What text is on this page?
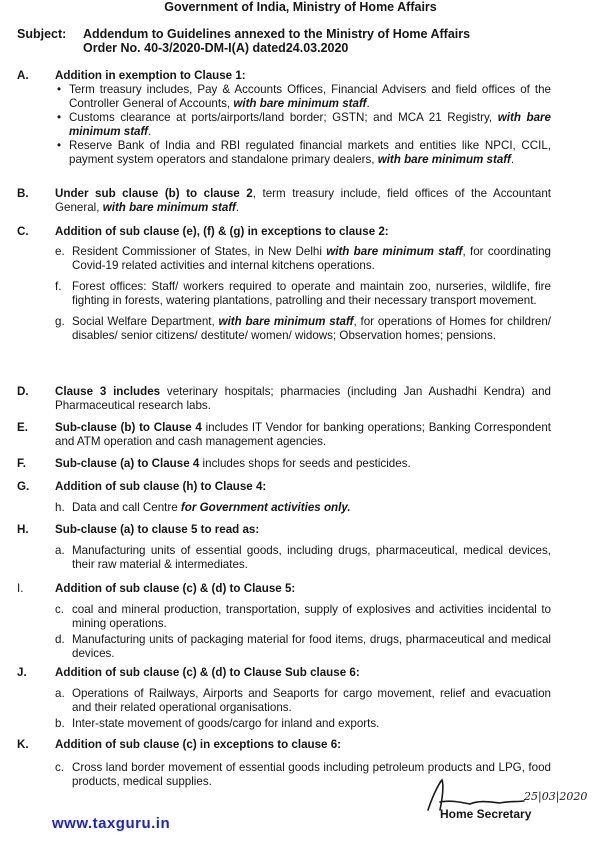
Government of India, Ministry of Home Affairs
Subject: Addendum to Guidelines annexed to the Ministry of Home Affairs
Order No. 40-3/2020-DM-I(A) dated24.03.2020
A. Addition in exemption to Clause 1:
• Term treasury includes, Pay & Accounts Offices, Financial Advisers and field offices of the Controller General of Accounts, with bare minimum staff.
• Customs clearance at ports/airports/land border; GSTN; and MCA 21 Registry, with bare minimum staff.
• Reserve Bank of India and RBI regulated financial markets and entities like NPCI, CCIL, payment system operators and standalone primary dealers, with bare minimum staff.
B. Under sub clause (b) to clause 2, term treasury include, field offices of the Accountant General, with bare minimum staff.
C. Addition of sub clause (e), (f) & (g) in exceptions to clause 2:
e. Resident Commissioner of States, in New Delhi with bare minimum staff, for coordinating Covid-19 related activities and internal kitchens operations.
f. Forest offices: Staff/ workers required to operate and maintain zoo, nurseries, wildlife, fire fighting in forests, watering plantations, patrolling and their necessary transport movement.
g. Social Welfare Department, with bare minimum staff, for operations of Homes for children/ disables/ senior citizens/ destitute/ women/ widows; Observation homes; pensions.
D. Clause 3 includes veterinary hospitals; pharmacies (including Jan Aushadhi Kendra) and Pharmaceutical research labs.
E. Sub-clause (b) to Clause 4 includes IT Vendor for banking operations; Banking Correspondent and ATM operation and cash management agencies.
F. Sub-clause (a) to Clause 4 includes shops for seeds and pesticides.
G. Addition of sub clause (h) to Clause 4:
h. Data and call Centre for Government activities only.
H. Sub-clause (a) to clause 5 to read as:
a. Manufacturing units of essential goods, including drugs, pharmaceutical, medical devices, their raw material & intermediates.
I.	Addition of sub clause (c) & (d) to Clause 5:
c. coal and mineral production, transportation, supply of explosives and activities incidental to mining operations.
d. Manufacturing units of packaging material for food items, drugs, pharmaceutical and medical devices.
J. Addition of sub clause (c) & (d) to Clause Sub clause 6:
a. Operations of Railways, Airports and Seaports for cargo movement, relief and evacuation and their related operational organisations.
b. Inter-state movement of goods/cargo for inland and exports.
K. Addition of sub clause (c) in exceptions to clause 6:
c. Cross land border movement of essential goods including petroleum products and LPG, food products, medical supplies.
25|03|2020
Home Secretary
www.taxguru.in
